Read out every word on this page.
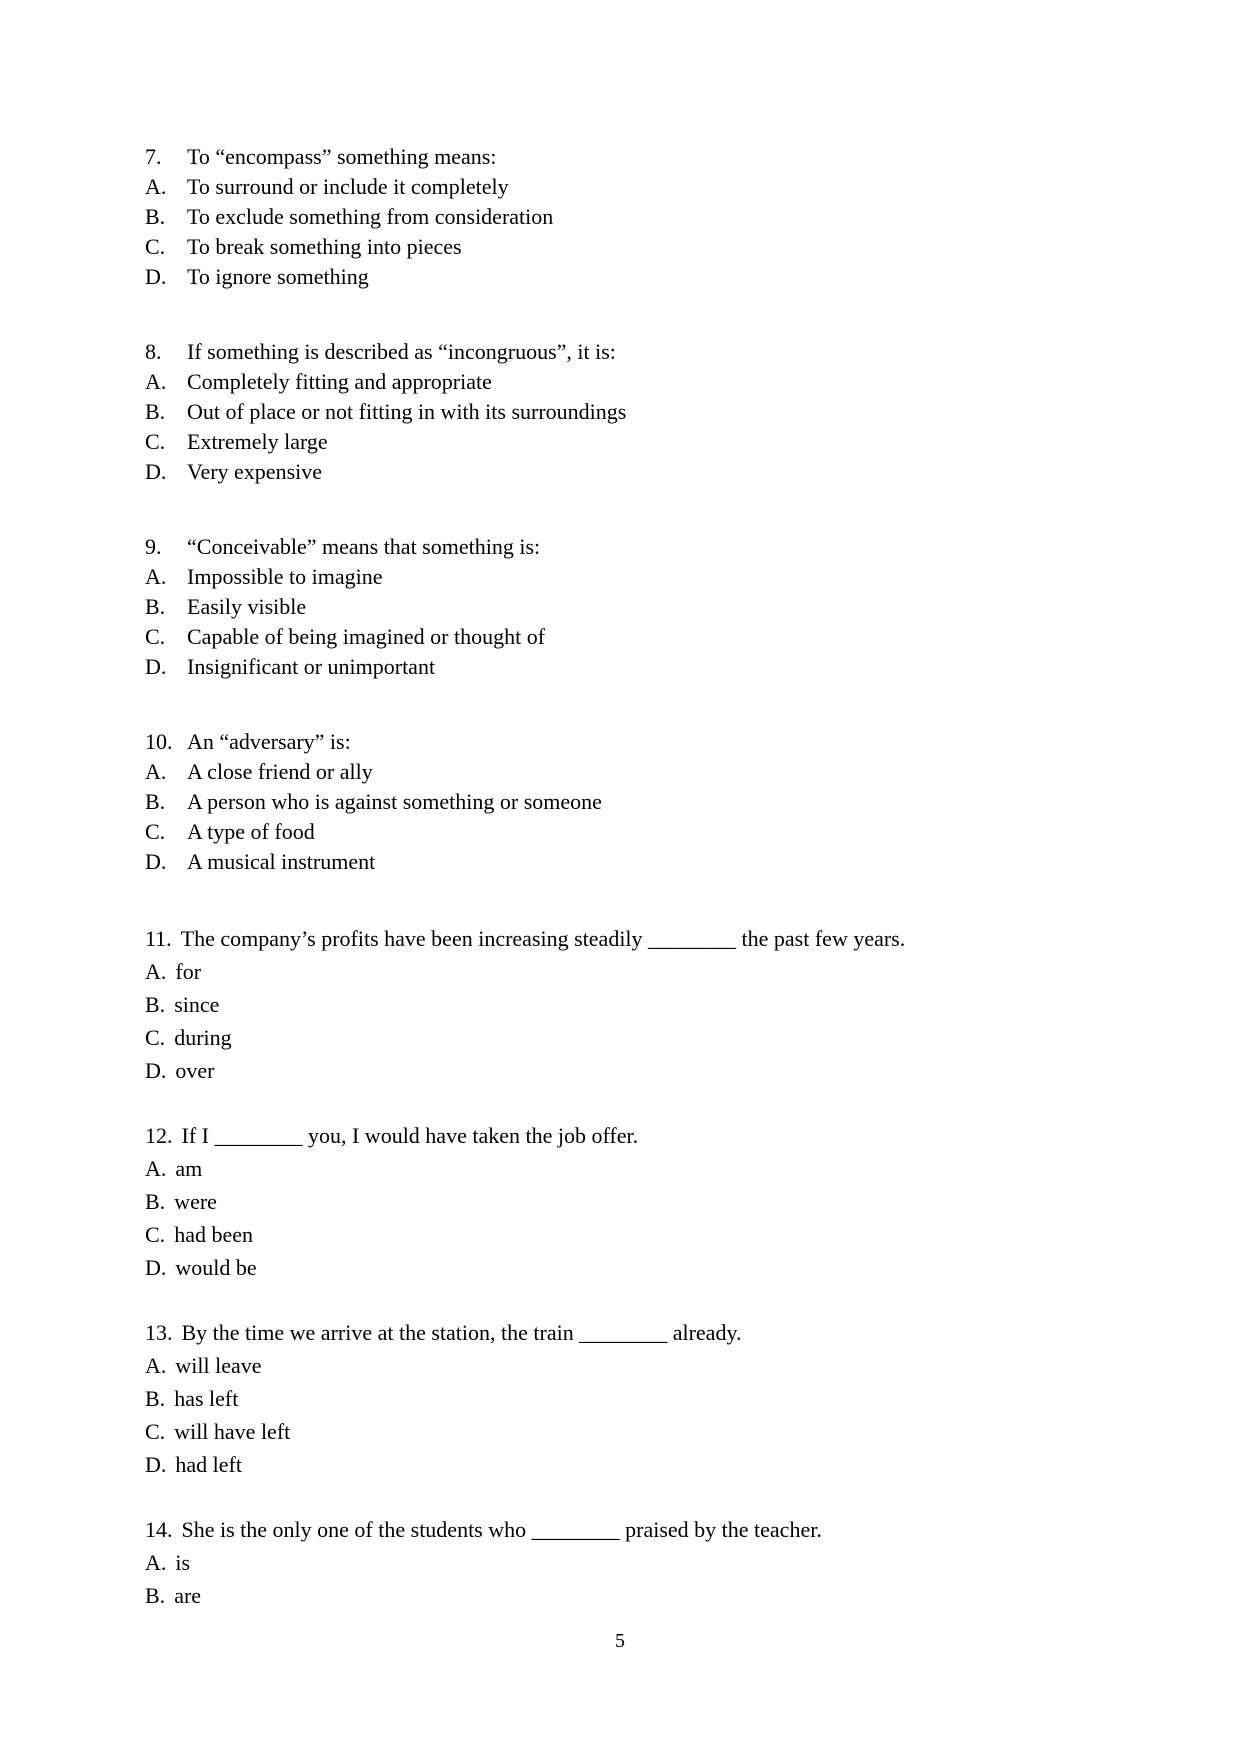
7. To “encompass” something means:
A. To surround or include it completely
B. To exclude something from consideration
C. To break something into pieces
D. To ignore something
8. If something is described as “incongruous”, it is:
A. Completely fitting and appropriate
B. Out of place or not fitting in with its surroundings
C. Extremely large
D. Very expensive
9. “Conceivable” means that something is:
A. Impossible to imagine
B. Easily visible
C. Capable of being imagined or thought of
D. Insignificant or unimportant
10. An “adversary” is:
A. A close friend or ally
B. A person who is against something or someone
C. A type of food
D. A musical instrument
11. The company’s profits have been increasing steadily ________ the past few years.
A. for
B. since
C. during
D. over
12. If I ________ you, I would have taken the job offer.
A. am
B. were
C. had been
D. would be
13. By the time we arrive at the station, the train ________ already.
A. will leave
B. has left
C. will have left
D. had left
14. She is the only one of the students who ________ praised by the teacher.
A. is
B. are
5
